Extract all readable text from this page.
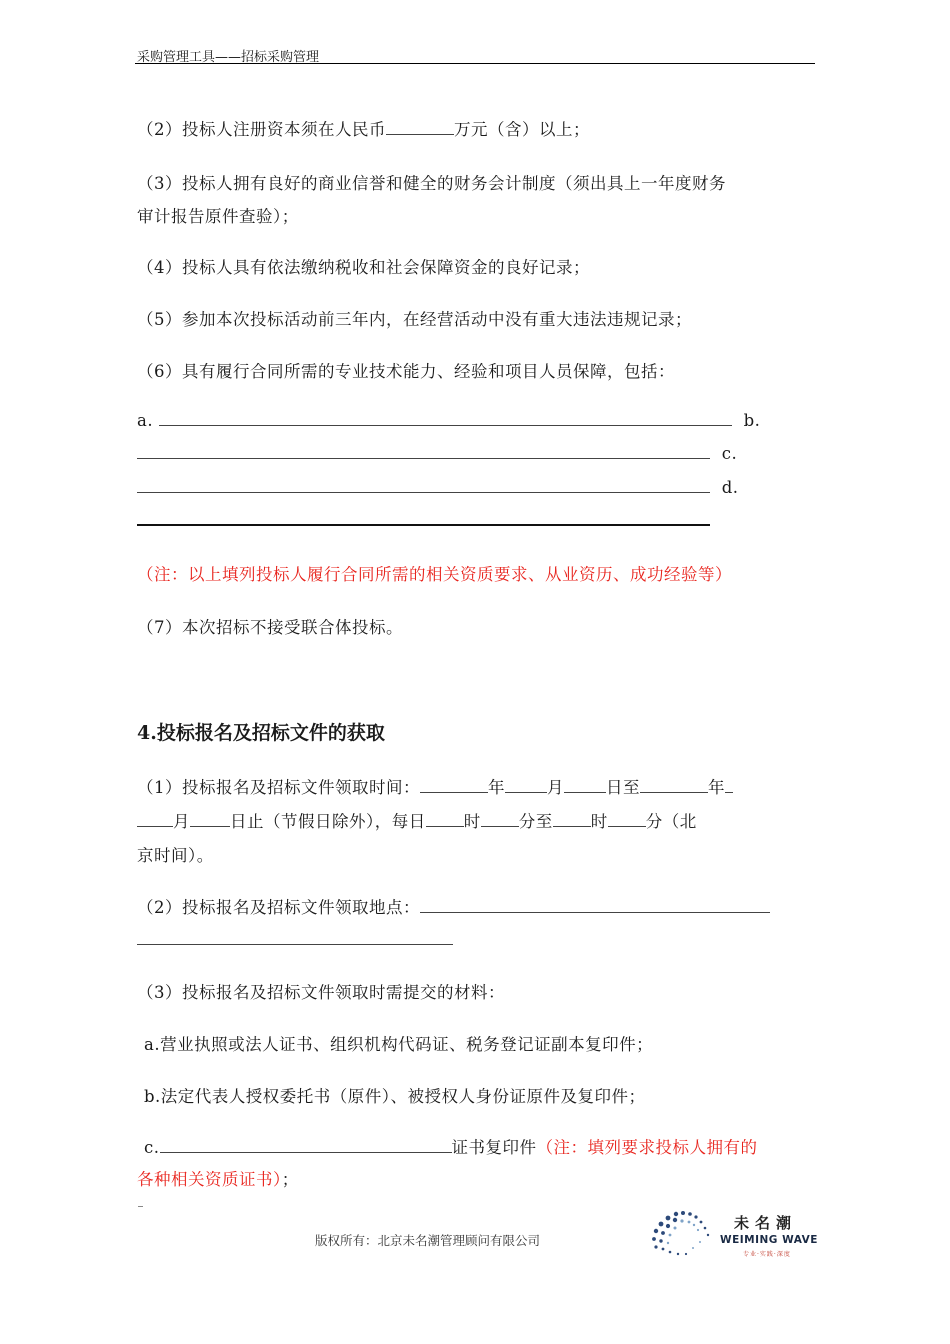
采购管理工具——招标采购管理
（2）投标人注册资本须在人民币	万元（含）以上；
（3）投标人拥有良好的商业信誉和健全的财务会计制度（须出具上一年度财务
审计报告原件查验）；
（4）投标人具有依法缴纳税收和社会保障资金的良好记录；
（5）参加本次投标活动前三年内，在经营活动中没有重大违法违规记录；
（6）具有履行合同所需的专业技术能力、经验和项目人员保障，包括：
a.	b.
c.
d.
（注：以上填列投标人履行合同所需的相关资质要求、从业资历、成功经验等）
（7）本次招标不接受联合体投标。
4.投标报名及招标文件的获取
（1）投标报名及招标文件领取时间：	年	月	日至	年
月 日止（节假日除外），每日 时 分至 时 分（北
京时间）。
（2）投标报名及招标文件领取地点：
（3）投标报名及招标文件领取时需提交的材料：
a.营业执照或法人证书、组织机构代码证、税务登记证副本复印件；
b.法定代表人授权委托书（原件）、被授权人身份证原件及复印件；
c.	证书复印件（注：填列要求投标人拥有的
各种相关资质证书）；
版权所有：北京未名潮管理顾问有限公司
未名潮
WEIMING WAVE
专业·实践·深度
